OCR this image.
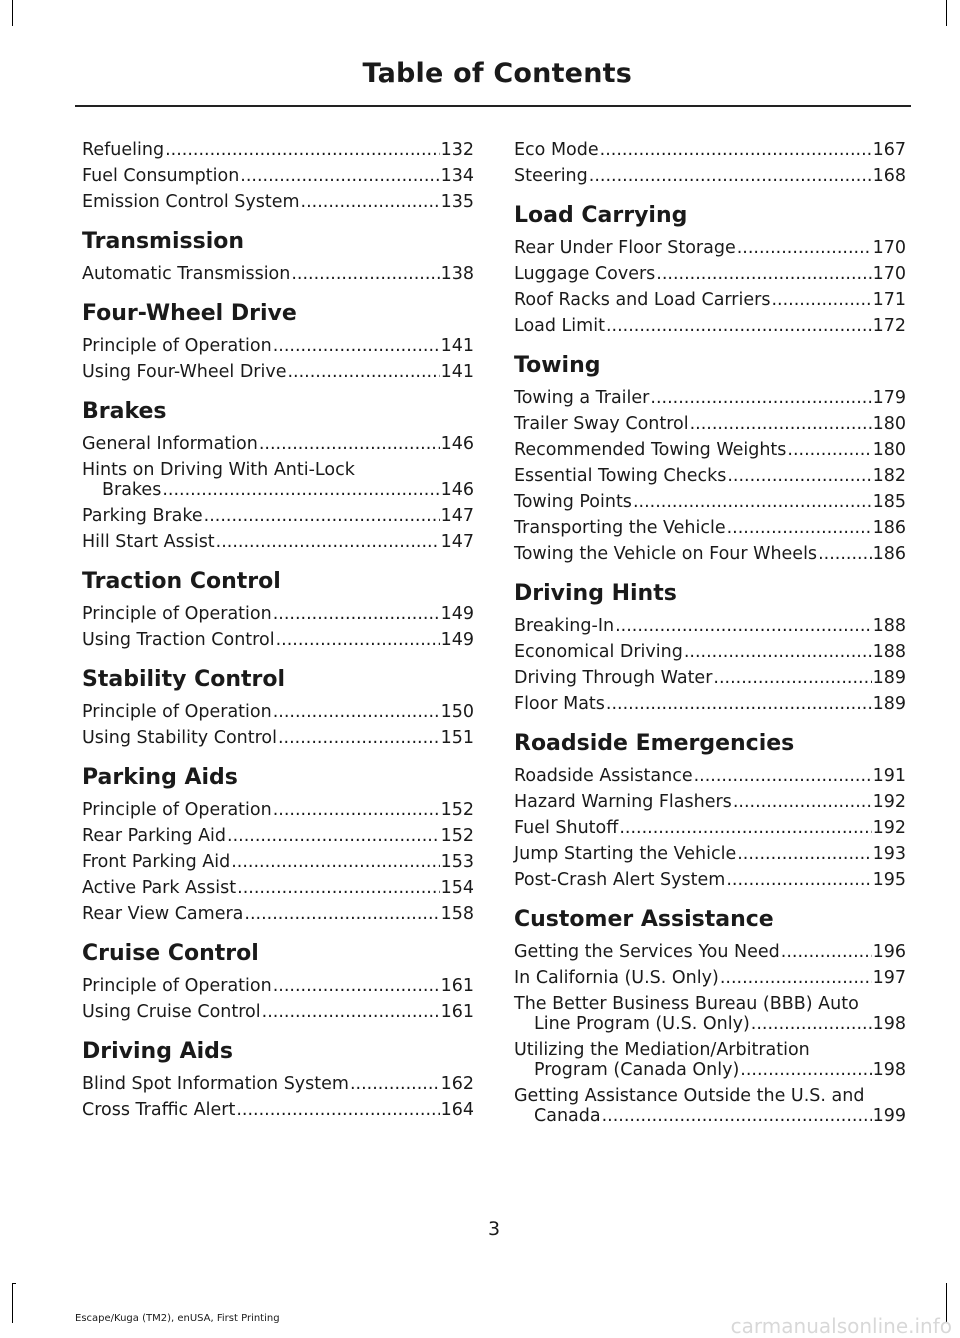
Table of Contents
Refueling .....	132
Fuel Consumption .....	134
Emission Control System .....	135
Transmission
Automatic Transmission .....	138
Four-Wheel Drive
Principle of Operation .....	141
Using Four-Wheel Drive .....	141
Brakes
General Information .....	146
Hints on Driving With Anti-Lock
Brakes .....	146
Parking Brake .....	147
Hill Start Assist .....	147
Traction Control
Principle of Operation .....	149
Using Traction Control .....	149
Stability Control
Principle of Operation .....	150
Using Stability Control .....	151
Parking Aids
Principle of Operation .....	152
Rear Parking Aid .....	152
Front Parking Aid .....	153
Active Park Assist .....	154
Rear View Camera .....	158
Cruise Control
Principle of Operation .....	161
Using Cruise Control .....	161
Driving Aids
Blind Spot Information System .....	162
Cross Traffic Alert .....	164
Eco Mode .....	167
Steering .....	168
Load Carrying
Rear Under Floor Storage .....	170
Luggage Covers .....	170
Roof Racks and Load Carriers .....	171
Load Limit .....	172
Towing
Towing a Trailer .....	179
Trailer Sway Control .....	180
Recommended Towing Weights .....	180
Essential Towing Checks .....	182
Towing Points .....	185
Transporting the Vehicle .....	186
Towing the Vehicle on Four Wheels .....	186
Driving Hints
Breaking-In .....	188
Economical Driving .....	188
Driving Through Water .....	189
Floor Mats .....	189
Roadside Emergencies
Roadside Assistance .....	191
Hazard Warning Flashers .....	192
Fuel Shutoff .....	192
Jump Starting the Vehicle .....	193
Post-Crash Alert System .....	195
Customer Assistance
Getting the Services You Need .....	196
In California (U.S. Only) .....	197
The Better Business Bureau (BBB) Auto
Line Program (U.S. Only) .....	198
Utilizing the Mediation/Arbitration
Program (Canada Only) .....	198
Getting Assistance Outside the U.S. and
Canada .....	199
3
Escape/Kuga (TM2), enUSA, First Printing	carmanualsonline.info
